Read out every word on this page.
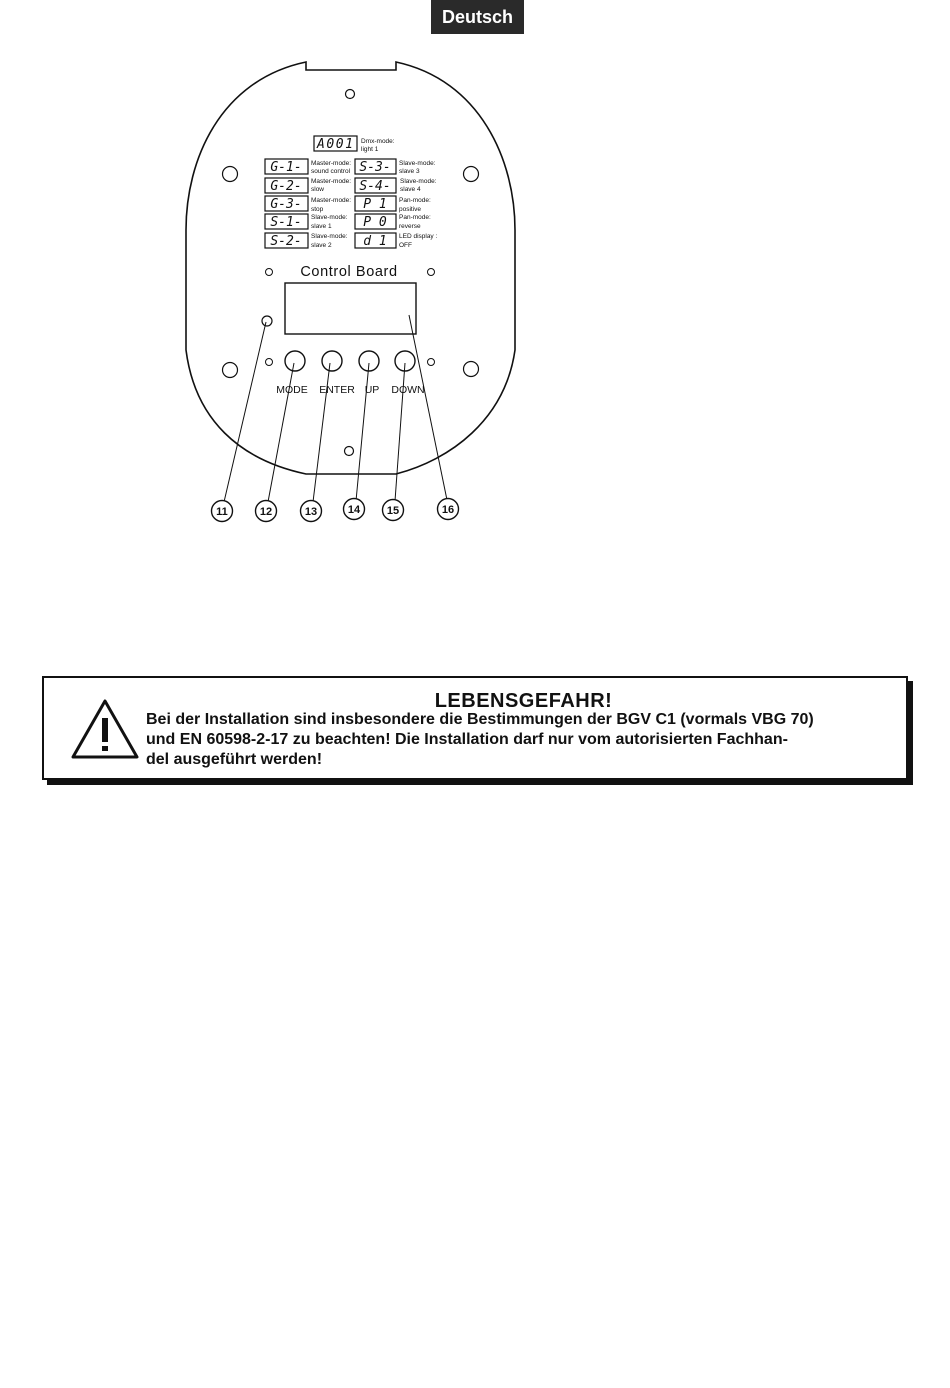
Deutsch
A001 Dmx-mode:
light 1
G-1- Master-mode:
sound control
G-2- Master-mode:
slow
G-3- Master-mode:
stop
S-1- Slave-mode:
slave 1
S-2- Slave-mode:
slave 2
S-3- Slave-mode:
slave 3
S-4- Slave-mode:
slave 4
P 1 Pan-mode:
positive
P 0 Pan-mode:
reverse
d 1 LED display :
OFF
Control Board
MODE ENTER UP DOWN
11	12	13	14 15	16
LEBENSGEFAHR!
Bei der Installation sind insbesondere die Bestimmungen der BGV C1 (vormals VBG 70)
und EN 60598-2-17 zu beachten! Die Installation darf nur vom autorisierten Fachhan-
del ausgeführt werden!
